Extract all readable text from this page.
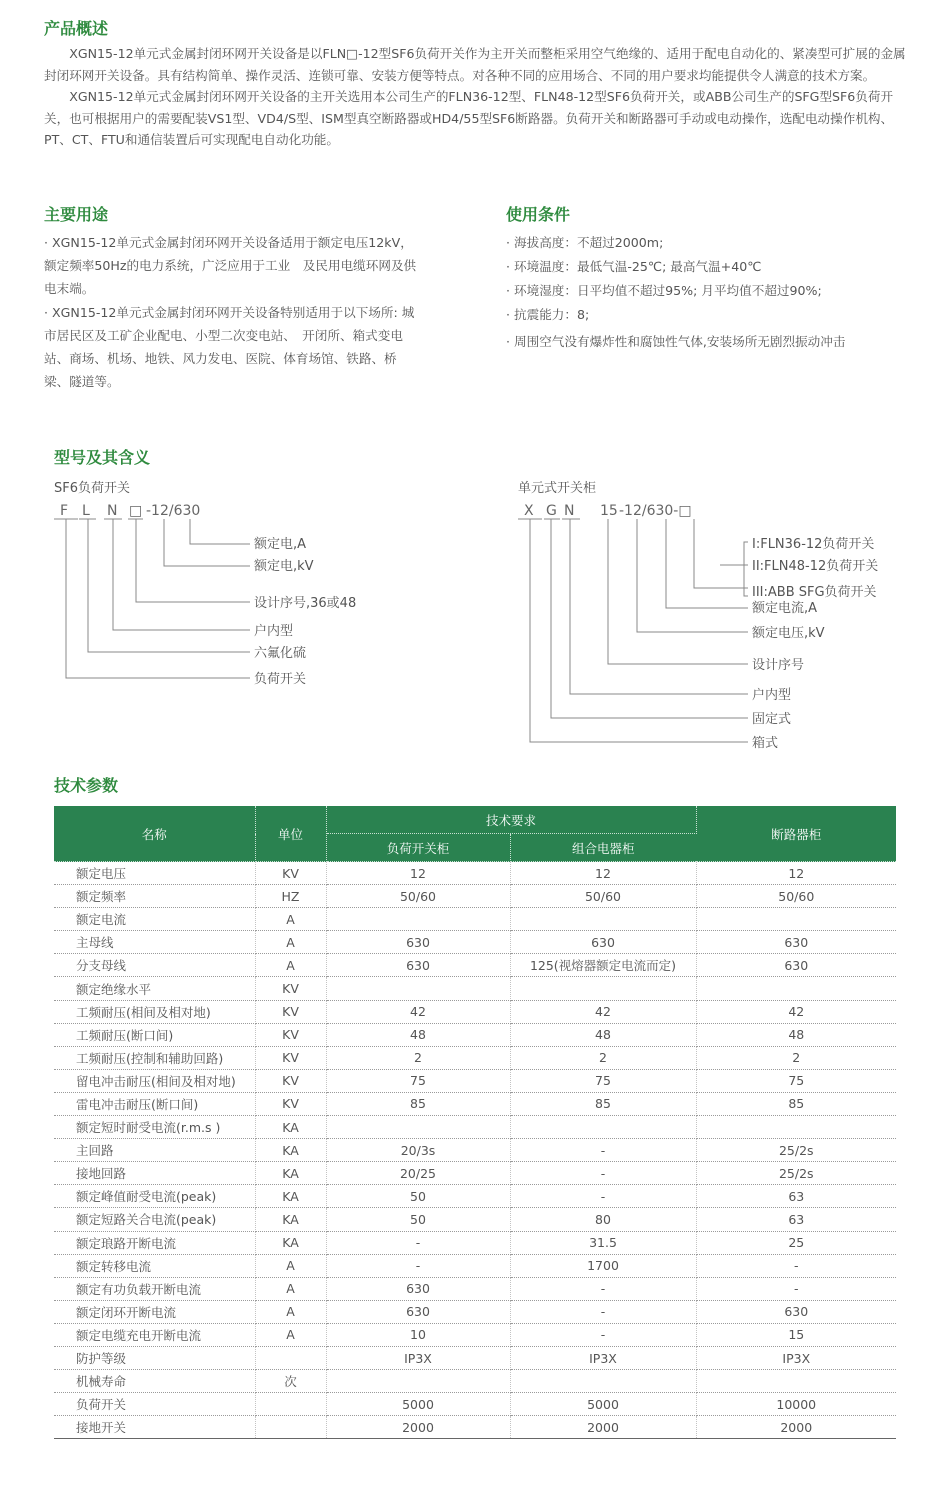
产品概述

XGN15-12单元式金属封闭环网开关设备是以FLN□-12型SF6负荷开关作为主开关而整柜采用空气绝缘的、适用于配电自动化的、紧凑型可扩展的金属封闭环网开关设备。具有结构简单、操作灵活、连锁可靠、安装方便等特点。对各种不同的应用场合、不同的用户要求均能提供令人满意的技术方案。

XGN15-12单元式金属封闭环网开关设备的主开关选用本公司生产的FLN36-12型、FLN48-12型SF6负荷开关，或ABB公司生产的SFG型SF6负荷开关，也可根据用户的需要配装VS1型、VD4/S型、ISM型真空断路器或HD4/55型SF6断路器。负荷开关和断路器可手动或电动操作，选配电动操作机构、PT、CT、FTU和通信装置后可实现配电自动化功能。

主要用途
· XGN15-12单元式金属封闭环网开关设备适用于额定电压12kV，额定频率50Hz的电力系统，广泛应用于工业　及民用电缆环网及供电末端。
· XGN15-12单元式金属封闭环网开关设备特别适用于以下场所: 城市居民区及工矿企业配电、小型二次变电站、　开闭所、箱式变电站、商场、机场、地铁、风力发电、医院、体育场馆、铁路、桥梁、隧道等。
使用条件
· 海拔高度：不超过2000m;
· 环境温度：最低气温-25℃; 最高气温+40℃
· 环境湿度：日平均值不超过95%; 月平均值不超过90%;
· 抗震能力：8;
· 周围空气没有爆炸性和腐蚀性气体,安装场所无剧烈振动冲击
型号及其含义
SF6负荷开关	单元式开关柜
F L N □ -12/630
额定电,A
额定电,kV
设计序号,36或48
户内型
六氟化硫
负荷开关
X G N 15 -12/630-□
I:FLN36-12负荷开关
II:FLN48-12负荷开关
III:ABB SFG负荷开关
额定电流,A
额定电压,kV
设计序号
户内型
固定式
箱式
技术参数
名称	单位	技术要求		断路器柜
		负荷开关柜	组合电器柜	
额定电压	KV	12	12	12
额定频率	HZ	50/60	50/60	50/60
额定电流	A			
主母线	A	630	630	630
分支母线	A	630	125(视熔器额定电流而定)	630
额定绝缘水平	KV			
工频耐压(相间及相对地)	KV	42	42	42
工频耐压(断口间)	KV	48	48	48
工频耐压(控制和辅助回路)	KV	2	2	2
留电冲击耐压(相间及相对地)	KV	75	75	75
雷电冲击耐压(断口间)	KV	85	85	85
额定短时耐受电流(r.m.s )	KA			
主回路	KA	20/3s	-	25/2s
接地回路	KA	20/25	-	25/2s
额定峰值耐受电流(peak)	KA	50	-	63
额定短路关合电流(peak)	KA	50	80	63
额定琅路开断电流	KA	-	31.5	25
额定转移电流	A	-	1700	-
额定有功负载开断电流	A	630	-	-
额定闭环开断电流	A	630	-	630
额定电缆充电开断电流	A	10	-	15
防护等级		IP3X	IP3X	IP3X
机械寿命	次			
负荷开关		5000	5000	10000
接地开关		2000	2000	2000
